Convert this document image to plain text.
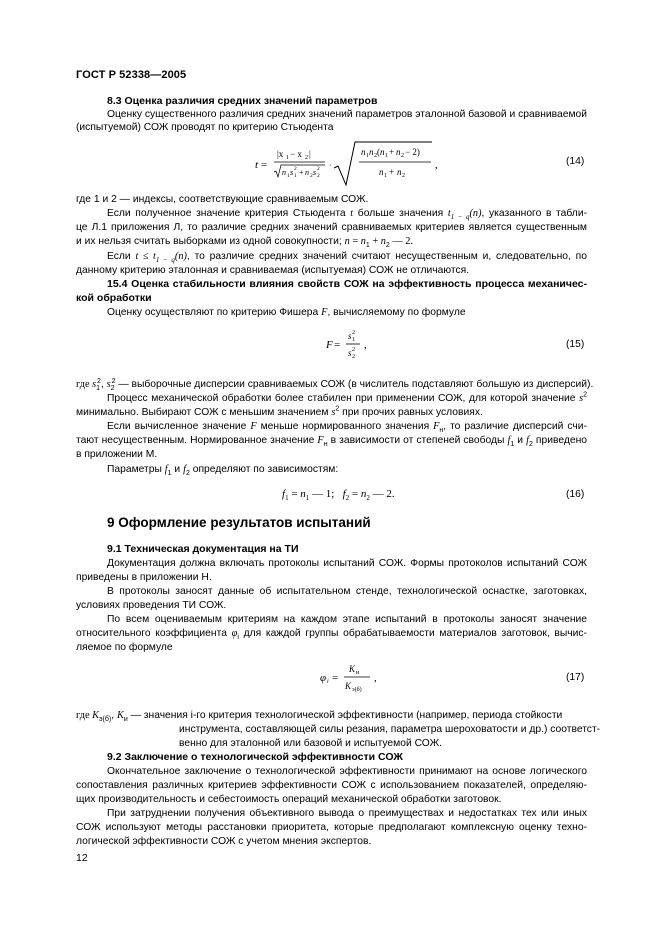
ГОСТ Р 52338—2005
8.3 Оценка различия средних значений параметров
Оценку существенного различия средних значений параметров эталонной базовой и сравниваемой
(испытуемой) СОЖ проводят по критерию Стьюдента
t =
|x 1 − x 2 |
n 1 s 2
1 + n 2 s 2
2
·
n 1 n 2 ( n 1 + n 2 − 2)
n 1 + n 2
,	(14)
где 1 и 2 — индексы, соответствующие сравниваемым СОЖ.
Если полученное значение критерия Стьюдента t больше значения $t_{1 - q}(n)$, указанного в табли-
це Л.1 приложения Л, то различие средних значений сравниваемых критериев является существенным
и их нельзя считать выборками из одной совокупности; $n = n_1 + n_2$ — 2.
Если $t \le t_{1 - q}(n)$, то различие средних значений считают несущественным и, следовательно, по
данному критерию эталонная и сравниваемая (испытуемая) СОЖ не отличаются.
15.4 Оценка стабильности влияния свойств СОЖ на эффективность процесса механичес-
кой обработки
Оценку осуществляют по критерию Фишера F, вычисляемому по формуле
F =
s 2
1
s 2
2
,	(15)
где $s_1^2$, $s_2^2$ — выборочные дисперсии сравниваемых СОЖ (в числитель подставляют большую из дисперсий).
Процесс механической обработки более стабилен при применении СОЖ, для которой значение $s^2$
минимально. Выбирают СОЖ с меньшим значением $s^2$ при прочих равных условиях.
Если вычисленное значение F меньше нормированного значения $F_н$, то различие дисперсий счи-
тают несущественным. Нормированное значение $F_н$ в зависимости от степеней свободы $f_1$ и $f_2$ приведено
в приложении М.
Параметры $f_1$ и $f_2$ определяют по зависимостям:
$f_1 = n_1$ — 1;   $f_2 = n_2$ — 2.	(16)
9 Оформление результатов испытаний
9.1 Техническая документация на ТИ
Документация должна включать протоколы испытаний СОЖ. Формы протоколов испытаний СОЖ
приведены в приложении Н.
В протоколы заносят данные об испытательном стенде, технологической оснастке, заготовках,
условиях проведения ТИ СОЖ.
По всем оцениваемым критериям на каждом этапе испытаний в протоколы заносят значение
относительного коэффициента $\varphi_i$ для каждой группы обрабатываемости материалов заготовок, вычис-
ляемое по формуле
φ i =
K и
K э(б)
,	(17)
где $K_{э(б)}$, $K_и$ — значения i-го критерия технологической эффективности (например, периода стойкости
инструмента, составляющей силы резания, параметра шероховатости и др.) соответст-
венно для эталонной или базовой и испытуемой СОЖ.
9.2 Заключение о технологической эффективности СОЖ
Окончательное заключение о технологической эффективности принимают на основе логического
сопоставления различных критериев эффективности СОЖ с использованием показателей, определяю-
щих производительность и себестоимость операций механической обработки заготовок.
При затруднении получения объективного вывода о преимуществах и недостатках тех или иных
СОЖ используют методы расстановки приоритета, которые предполагают комплексную оценку техно-
логической эффективности СОЖ с учетом мнения экспертов.
12
